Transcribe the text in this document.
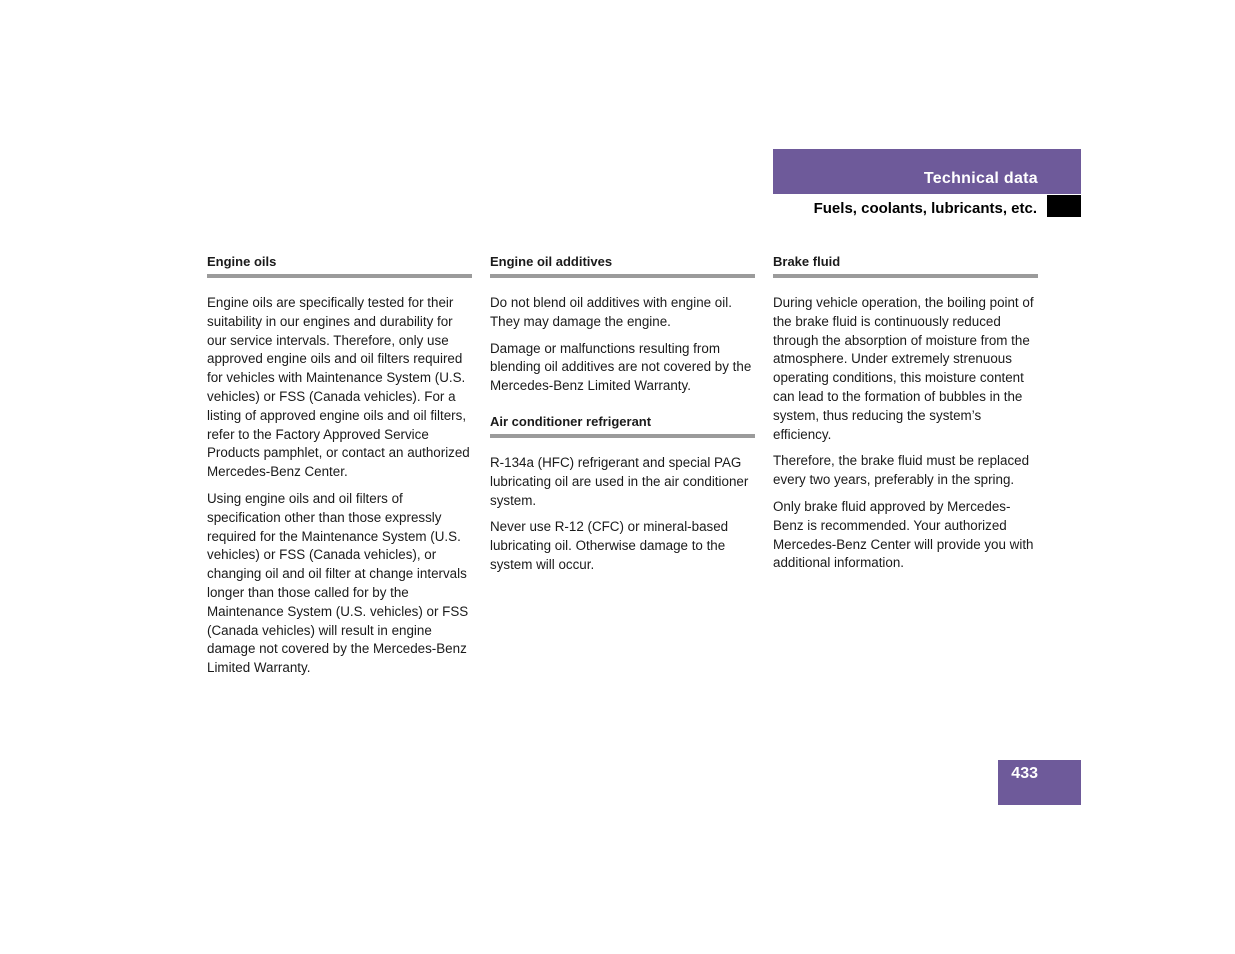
Technical data
Fuels, coolants, lubricants, etc.
Engine oils

Engine oils are specifically tested for their suitability in our engines and durability for our service intervals. Therefore, only use approved engine oils and oil filters required for vehicles with Maintenance System (U.S. vehicles) or FSS (Canada vehicles). For a listing of approved engine oils and oil filters, refer to the Factory Approved Service Products pamphlet, or contact an authorized Mercedes-Benz Center.

Using engine oils and oil filters of specification other than those expressly required for the Maintenance System (U.S. vehicles) or FSS (Canada vehicles), or changing oil and oil filter at change intervals longer than those called for by the Maintenance System (U.S. vehicles) or FSS (Canada vehicles) will result in engine damage not covered by the Mercedes-Benz Limited Warranty.

Engine oil additives

Do not blend oil additives with engine oil. They may damage the engine.

Damage or malfunctions resulting from blending oil additives are not covered by the Mercedes-Benz Limited Warranty.

Air conditioner refrigerant

R-134a (HFC) refrigerant and special PAG lubricating oil are used in the air conditioner system.

Never use R-12 (CFC) or mineral-based lubricating oil. Otherwise damage to the system will occur.

Brake fluid

During vehicle operation, the boiling point of the brake fluid is continuously reduced through the absorption of moisture from the atmosphere. Under extremely strenuous operating conditions, this moisture content can lead to the formation of bubbles in the system, thus reducing the system’s efficiency.

Therefore, the brake fluid must be replaced every two years, preferably in the spring.

Only brake fluid approved by Mercedes-Benz is recommended. Your authorized Mercedes-Benz Center will provide you with additional information.

433
